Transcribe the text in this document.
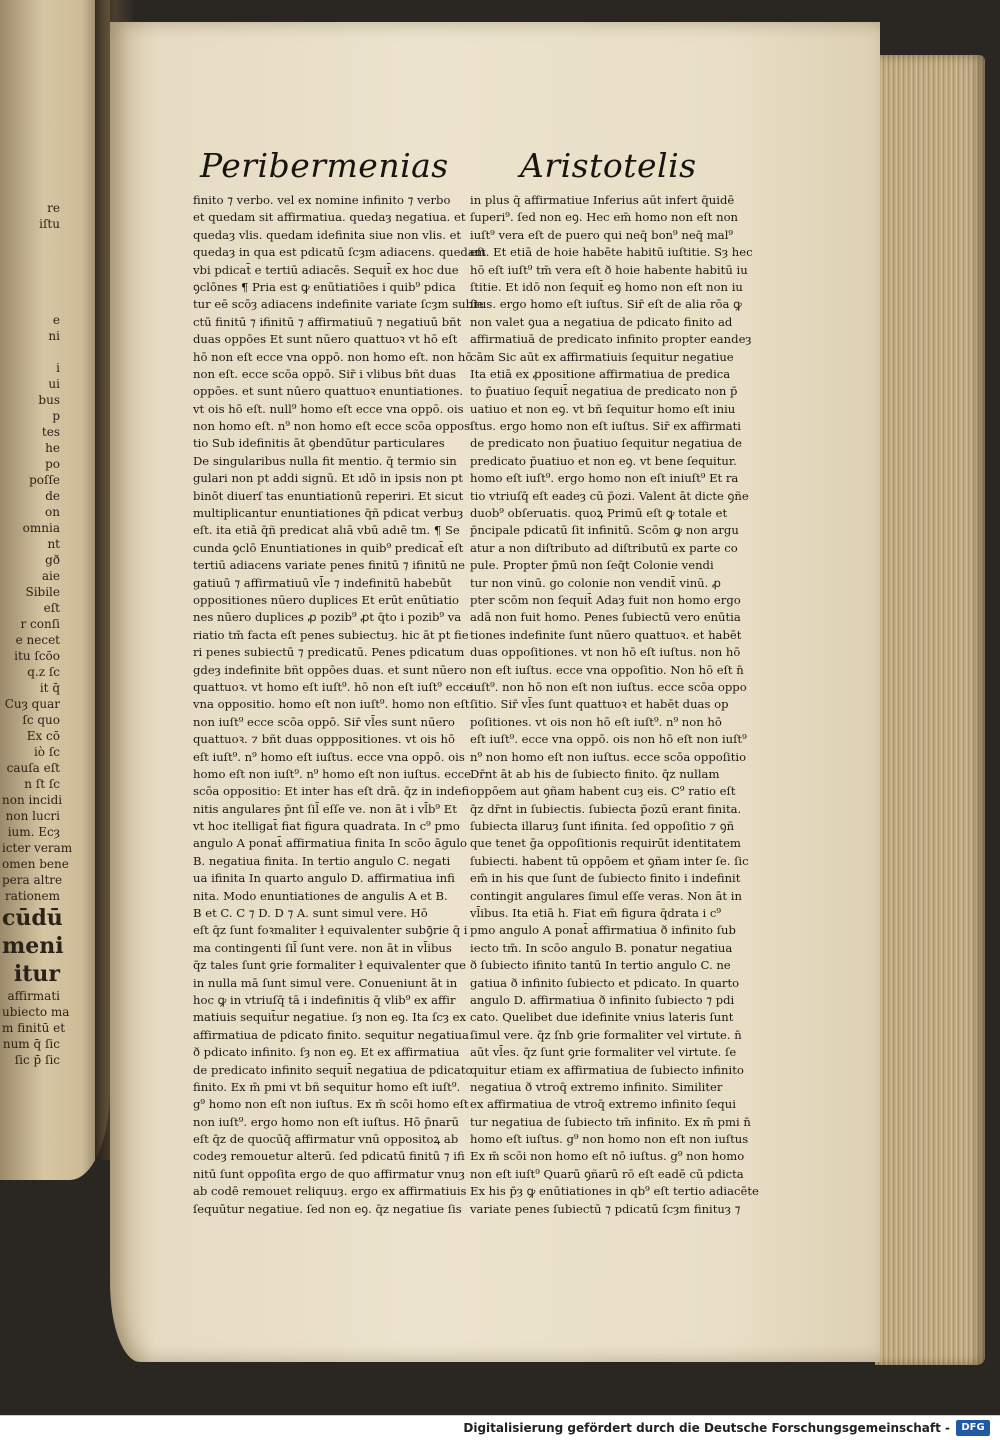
re
iſtu
e
ni
i
ui
bus
p
tes
he
po
poſſe
de
on
omnia
nt
gð
aie
Sibile
eſt
r conſi
e necet
itu ſcōo
q.z ſc
it q̄
Cuȝ quar
ſc quo
Ex cō
iò ſc
cauſa eſt
n ſt ſc
non incidi
non lucri
ium. Ecȝ
icter veram
omen bene
pera altre
rationem
cūdū
meni
itur
affirmati
ubiecto ma
m finitū et
num q̄ ſic
ſic p̄ ſic
Peribermenias Aristotelis
finito ⁊ verbo. vel ex nomine infinito ⁊ verbo
et quedam sit affirmatiua. quedaȝ negatiua. et
quedaȝ vlis. quedam idefinita siue non vlis. et
quedaȝ in qua est pdicatū ſcȝm adiacens. quedam
vbi pdicat̄ e tertiū adiacēs. Sequit̄ ex hoc due
ꝯclōnes ¶ Pria est ꝙ enūtiatiōes i quib⁹ pdica
tur eē scōȝ adiacens indefinite variate ſcȝm subie
ctū finitū ⁊ ifinitū ⁊ affirmatiuū ⁊ negatiuū bñt
duas oppōes Et sunt nūero quattuoꝛ vt hō eſt
hō non eſt ecce vna oppō. non homo eſt. non hō
non eſt. ecce scōa oppō. Sir̄ i vlibus bñt duas
oppōes. et sunt nūero quattuoꝛ enuntiationes.
vt ois hō eſt. null⁹ homo eſt ecce vna oppō. ois
non homo eſt. n⁹ non homo eſt ecce scōa opposi
tio Sub idefinitis āt ꝯbendūtur particulares
De singularibus nulla fit mentio. q̄ termio sin
gulari non pt addi signū. Et ıdō in ipsis non pt
binōt diuerſ tas enuntiationū reperiri. Et sicut
multiplicantur enuntiationes q̄ñ pdicat verbuȝ
eſt. ita etiā q̄ñ predicat alıā vbū adıē tm. ¶ Se
cunda ꝯclō Enuntiationes in quib⁹ predicat̄ eſt
tertiū adiacens variate penes finitū ⁊ ifinitū ne
gatiuū ⁊ affirmatiuū vl̄e ⁊ indefinitū habebūt
oppositiones nūero duplices Et erūt enūtiatio
nes nūero duplices ꝓ pozib⁹ ꝓt q̄to i pozib⁹ va
riatio tm̄ facta eſt penes subiectuȝ. hic āt pt fie
ri penes subiectū ⁊ predicatū. Penes pdicatum
gdeȝ indefinite bñt oppōes duas. et sunt nūero
quattuoꝛ. vt homo eſt iuſt⁹. hō non eſt iuſt⁹ ecce
vna oppositio. homo eſt non iuſt⁹. homo non eſt
non iuſt⁹ ecce scōa oppō. Sir̄ vl̄es sunt nūero
quattuoꝛ. ⁊ bñt duas opppositiones. vt ois hō
eſt iuſt⁹. n⁹ homo eſt iuſtus. ecce vna oppō. ois
homo eſt non iuſt⁹. n⁹ homo eſt non iuſtus. ecce
scōa oppositio: Et inter has eſt drā. q̄z in indefi
nitis angulares p̄nt ſil̄ eſſe ve. non āt i vl̄b⁹ Et
vt hoc itelligat̄ fiat figura quadrata. In c⁹ pmo
angulo A ponat̄ affirmatiua finita In scōo āgulo
B. negatiua finita. In tertio angulo C. negati
ua ifinita In quarto angulo D. affirmatiua infi
nita. Modo enuntiationes de angulis A et B.
B et C. C ⁊ D. D ⁊ A. sunt simul vere. Hō
eſt q̄z ſunt foꝛmaliter ł equivalenter subꝯ̄rie q̄ i
ma contingenti ſil̄ ſunt vere. non āt in vl̄ibus
q̄z tales ſunt ꝯrie formaliter ł equivalenter que
in nulla mā ſunt simul vere. Conueniunt āt in
hoc ꝙ in vtriuſq̄ tā i indefinitis q̄ vlib⁹ ex affir
matiuis sequit̄ur negatiue. ſȝ non eꝯ. Ita ſcȝ ex
affirmatiua de pdicato finito. sequitur negatiua
ð pdicato infinito. ſȝ non eꝯ. Et ex affirmatiua
de predicato infinito sequit̄ negatiua de pdicato
finito. Ex m̄ pmi vt bñ sequitur homo eſt iuſt⁹.
g⁹ homo non eſt non iuſtus. Ex m̄ scōi homo eſt
non iuſt⁹. ergo homo non eſt iuſtus. Hō p̄narū
eſt q̄z de quocūq̄ affirmatur vnū oppositoꝝ ab
codeȝ remouetur alterū. ſed pdicatū finitū ⁊ ifi
nitū ſunt oppoſita ergo de quo affirmatur vnuȝ
ab codē remouet reliquuȝ. ergo ex affirmatiuis
ſequūtur negatiue. ſed non eꝯ. q̄z negatiue ſis
in plus q̄ affirmatiue Inferius aūt infert q̄uidē
ſuperi⁹. ſed non eꝯ. Hec em̄ homo non eſt non
iuſt⁹ vera eſt de puero qui neq̄ bon⁹ neq̄ mal⁹
eſt. Et etiā de hoie habēte habitū iuſtitie. Sȝ hec
hō eſt iuſt⁹ tm̄ vera eſt ð hoie habente habitū iu
ſtitie. Et idō non ſequit̄ eꝯ homo non eſt non iu
ſtus. ergo homo eſt iuſtus. Sir̄ eſt de alia rōa ꝙ
non valet ꝯua a negatiua de pdicato finito ad
affirmatiuā de predicato infinito propter eandeȝ
cām Sic aūt ex affirmatiuis ſequitur negatiue
Ita etiā ex ꝓpositione affirmatiua de predica
to p̄uatiuo ſequit̄ negatiua de predicato non p̄
uatiuo et non eꝯ. vt bñ ſequitur homo eſt iniu
ſtus. ergo homo non eſt iuſtus. Sir̄ ex affirmati
de predicato non p̄uatiuo ſequitur negatiua de
predicato p̄uatiuo et non eꝯ. vt bene ſequitur.
homo eſt iuſt⁹. ergo homo non eſt iniuſt⁹ Et ra
tio vtriuſq̄ eſt eadeȝ cū p̄ozi. Valent āt dicte ꝯñe
duob⁹ obſeruatis. quoꝝ Primū eſt ꝙ totale et
p̄ncipale pdicatū ſit infinitū. Scōm ꝙ non argu
atur a non diſtributo ad diſtributū ex parte co
pule. Propter p̄mū non ſeq̄t Colonie vendi
tur non vinū. go colonie non vendit̄ vinū. ꝓ
pter scōm non ſequit̄ Adaȝ fuit non homo ergo
adā non fuit homo. Penes ſubiectū vero enūtia
tiones indefinite ſunt nūero quattuoꝛ. et habēt
duas oppoſitiones. vt non hō eſt iuſtus. non hō
non eſt iuſtus. ecce vna oppoſitio. Non hō eſt n̄
iuſt⁹. non hō non eſt non iuſtus. ecce scōa oppo
ſitio. Sir̄ vl̄es ſunt quattuoꝛ et habēt duas op
poſitiones. vt ois non hō eſt iuſt⁹. n⁹ non hō
eſt iuſt⁹. ecce vna oppō. ois non hō eſt non iuſt⁹
n⁹ non homo eſt non iuſtus. ecce scōa oppoſitio
Dr̄nt āt ab his de ſubiecto finito. q̄z nullam
oppōem aut ꝯñam habent cuȝ eis. C⁹ ratio eſt
q̄z dr̄nt in ſubiectis. ſubiecta p̄ozū erant finita.
ſubiecta illaruȝ ſunt ifinita. ſed oppoſitio ⁊ ꝯñ
que tenet ḡa oppoſitionis requirūt identitatem
ſubiecti. habent tū oppōem et ꝯñam inter ſe. ſic
em̄ in his que ſunt de ſubiecto finito i indefinit
contingit angulares ſimul eſſe veras. Non āt in
vl̄ibus. Ita etiā h. Fiat em̄ figura q̄drata i c⁹
pmo angulo A ponat̄ affirmatiua ð infinito ſub
iecto tm̄. In scōo angulo B. ponatur negatiua
ð ſubiecto ifinito tantū In tertio angulo C. ne
gatiua ð infinito ſubiecto et pdicato. In quarto
angulo D. affirmatiua ð infinito ſubiecto ⁊ pdi
cato. Quelibet due idefinite vnius lateris ſunt
ſimul vere. q̄z ſnb ꝯrie formaliter vel virtute. n̄
aūt vl̄es. q̄z ſunt ꝯrie formaliter vel virtute. ſe
quitur etiam ex affirmatiua de ſubiecto infinito
negatiua ð vtroq̄ extremo infinito. Similiter
ex affirmatiua de vtroq̄ extremo infinito ſequi
tur negatiua de ſubiecto tm̄ infinito. Ex m̄ pmi n̄
homo eſt iuſtus. g⁹ non homo non eſt non iuſtus
Ex m̄ scōi non homo eſt nō iuſtus. g⁹ non homo
non eſt iuſt⁹ Quarū ꝯñarū rō eſt eadē cū pdicta
Ex his p̄ȝ ꝙ enūtiationes in qb⁹ eſt tertio adiacēte
variate penes ſubiectū ⁊ pdicatū ſcȝm finituȝ ⁊
Digitalisierung gefördert durch die Deutsche Forschungsgemeinschaft -	DFG
